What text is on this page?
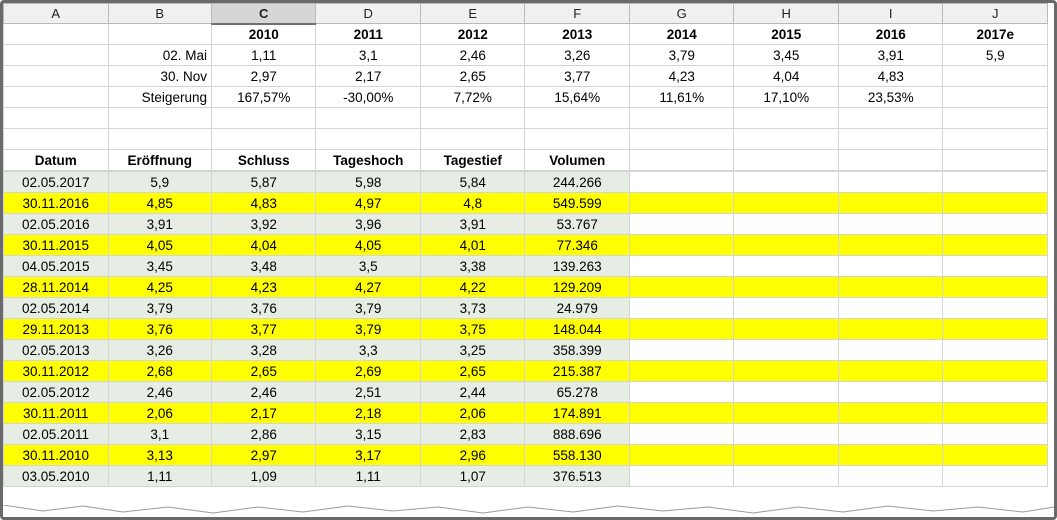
A	B	C	D	E	F	G	H	I	J
		2010	2011	2012	2013	2014	2015	2016	2017e
	02. Mai	1,11	3,1	2,46	3,26	3,79	3,45	3,91	5,9
	30. Nov	2,97	2,17	2,65	3,77	4,23	4,04	4,83	
	Steigerung	167,57%	-30,00%	7,72%	15,64%	11,61%	17,10%	23,53%	

Datum	Eröffnung	Schluss	Tageshoch	Tagestief	Volumen				
02.05.2017	5,9	5,87	5,98	5,84	244.266				
30.11.2016	4,85	4,83	4,97	4,8	549.599				
02.05.2016	3,91	3,92	3,96	3,91	53.767				
30.11.2015	4,05	4,04	4,05	4,01	77.346				
04.05.2015	3,45	3,48	3,5	3,38	139.263				
28.11.2014	4,25	4,23	4,27	4,22	129.209				
02.05.2014	3,79	3,76	3,79	3,73	24.979				
29.11.2013	3,76	3,77	3,79	3,75	148.044				
02.05.2013	3,26	3,28	3,3	3,25	358.399				
30.11.2012	2,68	2,65	2,69	2,65	215.387				
02.05.2012	2,46	2,46	2,51	2,44	65.278				
30.11.2011	2,06	2,17	2,18	2,06	174.891				
02.05.2011	3,1	2,86	3,15	2,83	888.696				
30.11.2010	3,13	2,97	3,17	2,96	558.130				
03.05.2010	1,11	1,09	1,11	1,07	376.513				
